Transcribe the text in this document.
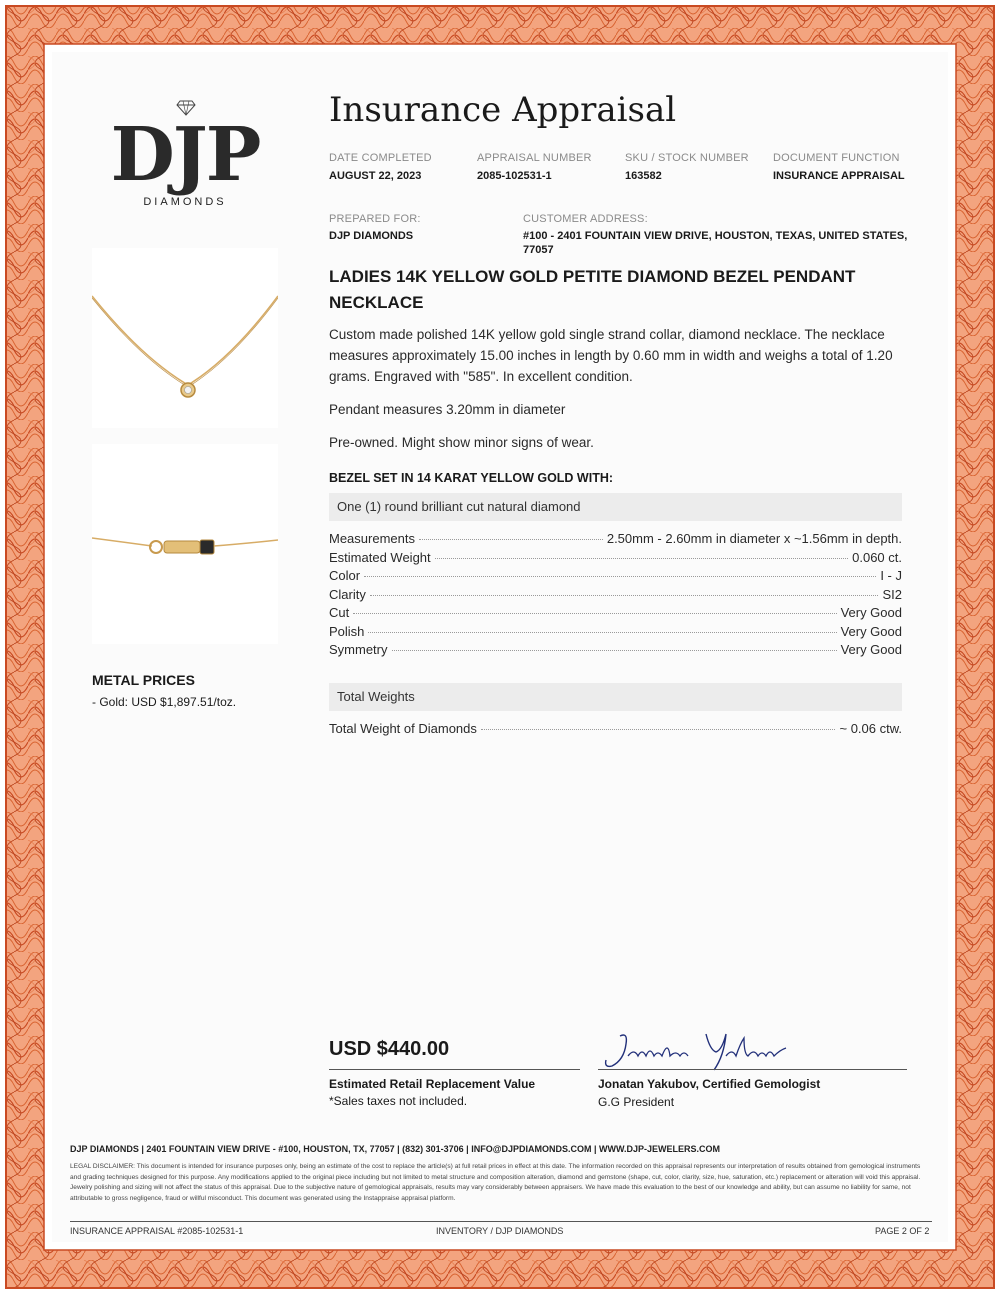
DJP
DIAMONDS
METAL PRICES
- Gold: USD $1,897.51/toz.
Insurance Appraisal
DATE COMPLETED
AUGUST 22, 2023
APPRAISAL NUMBER
2085-102531-1
SKU / STOCK NUMBER
163582
DOCUMENT FUNCTION
INSURANCE APPRAISAL
PREPARED FOR:
DJP DIAMONDS
CUSTOMER ADDRESS:
#100 - 2401 FOUNTAIN VIEW DRIVE, HOUSTON, TEXAS, UNITED STATES,
77057
LADIES 14K YELLOW GOLD PETITE DIAMOND BEZEL PENDANT NECKLACE
Custom made polished 14K yellow gold single strand collar, diamond necklace. The necklace measures approximately 15.00 inches in length by 0.60 mm in width and weighs a total of 1.20 grams. Engraved with "585". In excellent condition.
Pendant measures 3.20mm in diameter
Pre-owned. Might show minor signs of wear.
BEZEL SET IN 14 KARAT YELLOW GOLD WITH:
One (1) round brilliant cut natural diamond
Measurements	2.50mm - 2.60mm in diameter x ~1.56mm in depth.
Estimated Weight	0.060 ct.
Color	I - J
Clarity	SI2
Cut	Very Good
Polish	Very Good
Symmetry	Very Good
Total Weights
Total Weight of Diamonds	~ 0.06 ctw.
USD $440.00
Estimated Retail Replacement Value
*Sales taxes not included.
Jonatan Yakubov, Certified Gemologist
G.G President
DJP DIAMONDS | 2401 FOUNTAIN VIEW DRIVE - #100, HOUSTON, TX, 77057 | (832) 301-3706 | INFO@DJPDIAMONDS.COM | WWW.DJP-JEWELERS.COM
LEGAL DISCLAIMER: This document is intended for insurance purposes only, being an estimate of the cost to replace the article(s) at full retail prices in effect at this date. The information recorded on this appraisal represents our interpretation of results obtained from gemological instruments and grading techniques designed for this purpose. Any modifications applied to the original piece including but not limited to metal structure and composition alteration, diamond and gemstone (shape, cut, color, clarity, size, hue, saturation, etc.) replacement or alteration will void this appraisal. Jewelry polishing and sizing will not affect the status of this appraisal. Due to the subjective nature of gemological appraisals, results may vary considerably between appraisers. We have made this evaluation to the best of our knowledge and ability, but can assume no liability for same, not attributable to gross negligence, fraud or willful misconduct. This document was generated using the Instappraise appraisal platform.
INSURANCE APPRAISAL #2085-102531-1	INVENTORY / DJP DIAMONDS	PAGE 2 OF 2
